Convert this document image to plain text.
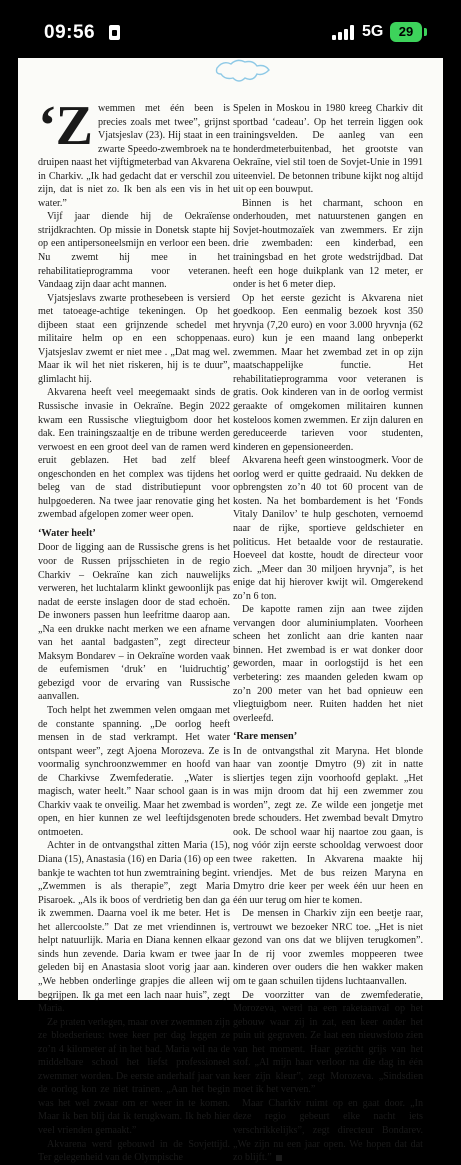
09:56	5G	29
‘Z wemmen met één been is precies zoals met twee”, grijnst Vjatsjeslav (23). Hij staat in een zwarte Speedo-zwembroek na te druipen naast het vijftigmeterbad van Akvarena in Charkiv. „Ik had gedacht dat er verschil zou zijn, dat is niet zo. Ik ben als een vis in het water.”

Vijf jaar diende hij de Oekraïense strijdkrachten. Op missie in Donetsk stapte hij op een antipersoneelsmijn en verloor een been. Nu zwemt hij mee in het rehabilitatieprogramma voor veteranen. Vandaag zijn daar acht mannen.

Vjatsjeslavs zwarte prothesebeen is versierd met tatoeage-achtige tekeningen. Op het dijbeen staat een grijnzende schedel met militaire helm op en een schoppenaas. Vjatsjeslav zwemt er niet mee . „Dat mag wel. Maar ik wil het niet riskeren, hij is te duur”, glimlacht hij.

Akvarena heeft veel meegemaakt sinds de Russische invasie in Oekraïne. Begin 2022 kwam een Russische vliegtuigbom door het dak. Een trainingszaaltje en de tribune werden verwoest en een groot deel van de ramen werd eruit geblazen. Het bad zelf bleef ongeschonden en het complex was tijdens het beleg van de stad distributiepunt voor hulpgoederen. Na twee jaar renovatie ging het zwembad afgelopen zomer weer open.

‘Water heelt’

Door de ligging aan de Russische grens is het voor de Russen prijsschieten in de regio Charkiv – Oekraïne kan zich nauwelijks verweren, het luchtalarm klinkt gewoonlijk pas nadat de eerste inslagen door de stad echoën. De inwoners passen hun leefritme daarop aan. „Na een drukke nacht merken we een afname van het aantal badgasten”, zegt directeur Maksym Bondarev – in Oekraïne worden vaak de eufemismen ‘druk’ en ‘luidruchtig’ gebezigd voor de ervaring van Russische aanvallen.

Toch helpt het zwemmen velen omgaan met de constante spanning. „De oorlog heeft mensen in de stad verkrampt. Het water ontspant weer”, zegt Ajoena Morozeva. Ze is voormalig synchroonzwemmer en hoofd van de Charkivse Zwemfederatie. „Water is magisch, water heelt.” Naar school gaan is in Charkiv vaak te onveilig. Maar het zwembad is open, en hier kunnen ze wel leeftijdsgenoten ontmoeten.

Achter in de ontvangsthal zitten Maria (15), Diana (15), Anastasia (16) en Daria (16) op een bankje te wachten tot hun zwemtraining begint. „Zwemmen is als therapie”, zegt Maria Pisaroek. „Als ik boos of verdrietig ben dan ga ik zwemmen. Daarna voel ik me beter. Het is het allercoolste.” Dat ze met vriendinnen is, helpt natuurlijk. Maria en Diana kennen elkaar sinds hun zevende. Daria kwam er twee jaar geleden bij en Anastasia sloot vorig jaar aan. „We hebben onderlinge grapjes die alleen wij begrijpen. Ik ga met een lach naar huis”, zegt Maria.

Ze praten verlegen, maar over zwemmen zijn ze bloedserieus: twee keer per dag leggen ze zo’n 4 kilometer af in het bad. Maria wil na de middelbare school het liefst professioneel zwemmer worden. De eerste anderhalf jaar van de oorlog kon ze niet trainen. „Aan het begin was het wel zwaar om er weer in te komen. Maar ik ben blij dat ik terugkwam. Ik heb hier veel vrienden gemaakt.”

Akvarena werd gebouwd in de Sovjettijd. Ter gelegenheid van de Olympische

Spelen in Moskou in 1980 kreeg Charkiv dit sportbad ‘cadeau’. Op het terrein liggen ook trainingsvelden. De aanleg van een honderdmeterbuitenbad, het grootste van Oekraïne, viel stil toen de Sovjet-Unie in 1991 uiteenviel. De betonnen tribune kijkt nog altijd uit op een bouwput.

Binnen is het charmant, schoon en onderhouden, met natuurstenen gangen en Sovjet-houtmozaïek van zwemmers. Er zijn drie zwembaden: een kinderbad, een trainingsbad en het grote wedstrijdbad. Dat heeft een hoge duikplank van 12 meter, er onder is het 6 meter diep.

Op het eerste gezicht is Akvarena niet goedkoop. Een eenmalig bezoek kost 350 hryvnja (7,20 euro) en voor 3.000 hryvnja (62 euro) kun je een maand lang onbeperkt zwemmen. Maar het zwembad zet in op zijn maatschappelijke functie. Het rehabilitatieprogramma voor veteranen is gratis. Ook kinderen van in de oorlog vermist geraakte of omgekomen militairen kunnen kosteloos komen zwemmen. Er zijn daluren en gereduceerde tarieven voor studenten, kinderen en gepensioneerden.

Akvarena heeft geen winstoogmerk. Voor de oorlog werd er quitte gedraaid. Nu dekken de opbrengsten zo’n 40 tot 60 procent van de kosten. Na het bombardement is het ‘Fonds Vitaly Danilov’ te hulp geschoten, vernoemd naar de rijke, sportieve geldschieter en politicus. Het betaalde voor de restauratie. Hoeveel dat kostte, houdt de directeur voor zich. „Meer dan 30 miljoen hryvnja”, is het enige dat hij hierover kwijt wil. Omgerekend zo’n 6 ton.

De kapotte ramen zijn aan twee zijden vervangen door aluminiumplaten. Voorheen scheen het zonlicht aan drie kanten naar binnen. Het zwembad is er wat donker door geworden, maar in oorlogstijd is het een verbetering: zes maanden geleden kwam op zo’n 200 meter van het bad opnieuw een vliegtuigbom neer. Ruiten hadden het niet overleefd.

‘Rare mensen’

In de ontvangsthal zit Maryna. Het blonde haar van zoontje Dmytro (9) zit in natte sliertjes tegen zijn voorhoofd geplakt. „Het was mijn droom dat hij een zwemmer zou worden”, zegt ze. Ze wilde een jongetje met brede schouders. Het zwembad bevalt Dmytro ook. De school waar hij naartoe zou gaan, is nog vóór zijn eerste schooldag verwoest door twee raketten. In Akvarena maakte hij vriendjes. Met de bus reizen Maryna en Dmytro drie keer per week één uur heen en één uur terug om hier te komen.

De mensen in Charkiv zijn een beetje raar, vertrouwt we bezoeker NRC toe. „Het is niet gezond van ons dat we blijven terugkomen”. In de rij voor zwemles moppeeren twee kinderen over ouders die hen wakker maken om te gaan schuilen tijdens luchtaanvallen.

De voorzitter van de zwemfederatie, Morozeva, werd na een raketaanval op het gebouw waar zij in zat, een keer onder het puin uit gegraven. Ze laat een nieuwsfoto zien van het moment. Haar gezicht grijs van het stof. „Al mijn haar verloor na die dag in één keer zijn kleur”, zegt Morozeva. „Sindsdien moet ik het verven.”

Maar Charkiv ruimt op en gaat door. „In deze regio gebeurt elke nacht iets verschrikkelijks”, zegt directeur Bondarev. „We zijn nu een jaar open. We hopen dat dat zo blijft.”
